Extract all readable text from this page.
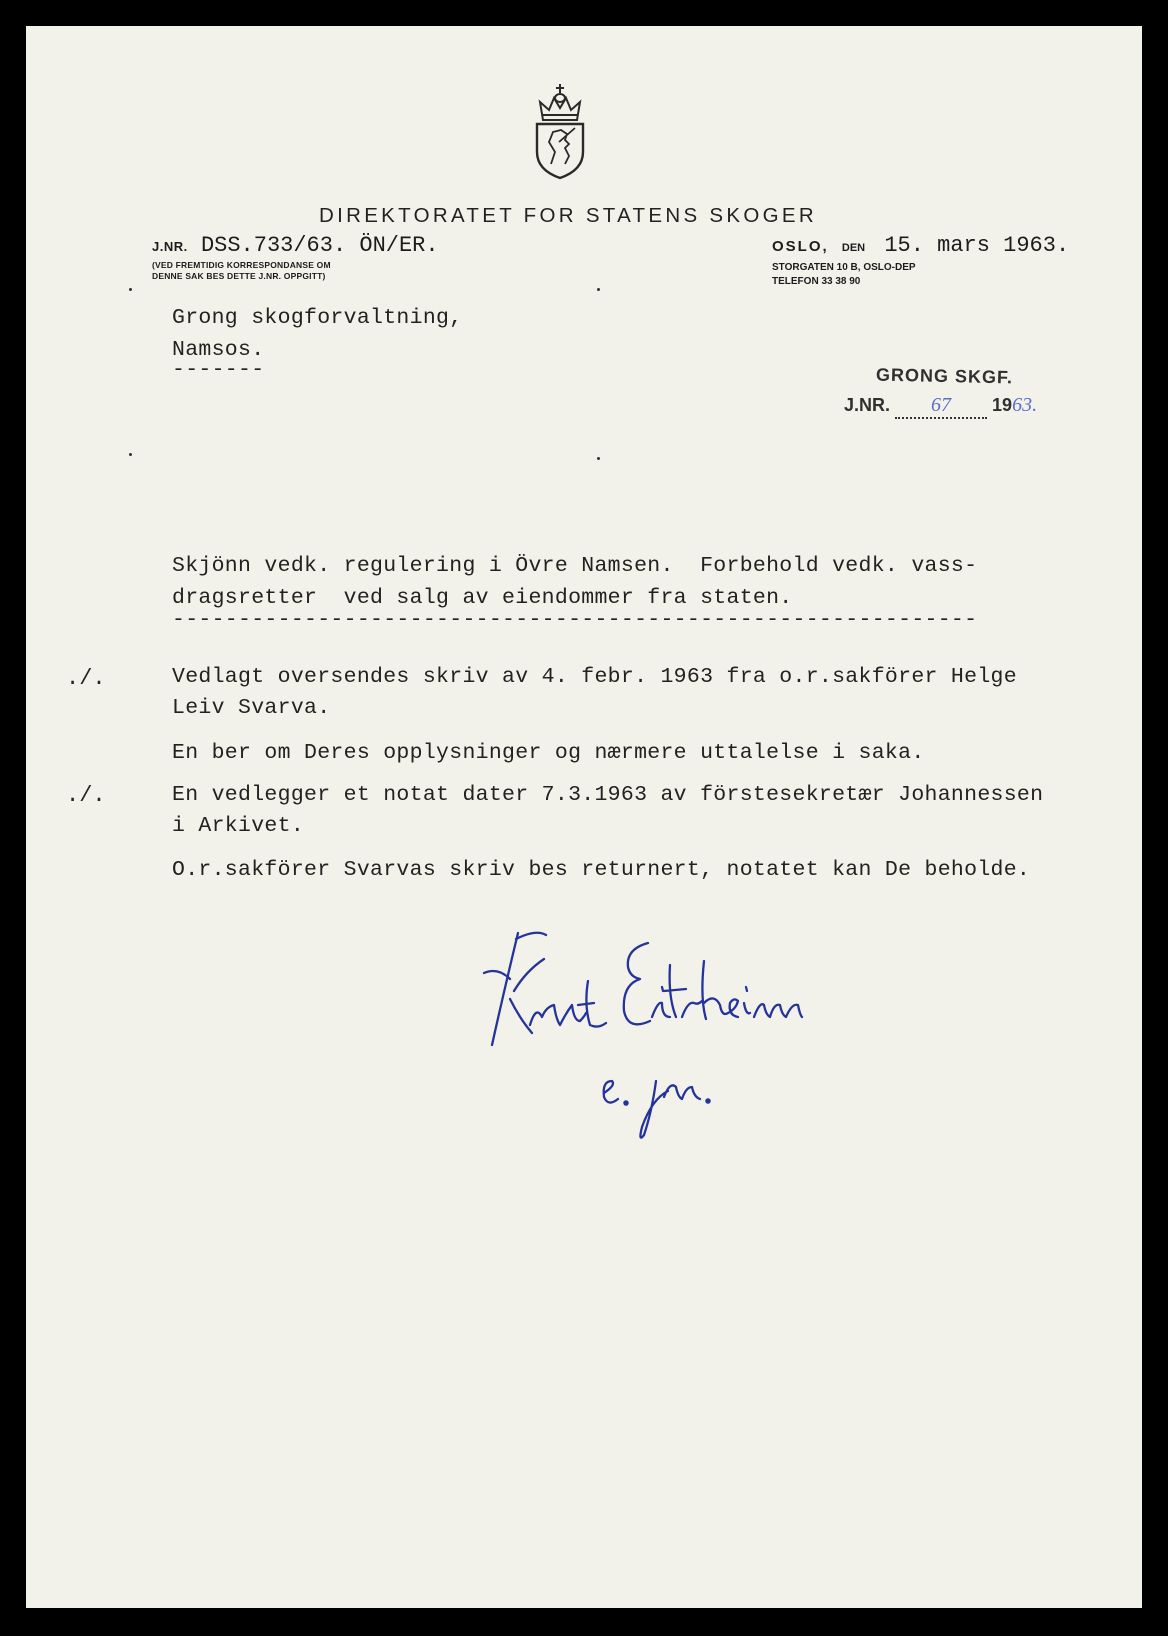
DIREKTORATET FOR STATENS SKOGER
J.NR. DSS.733/63. ÖN/ER.
(VED FREMTIDIG KORRESPONDANSE OM
DENNE SAK BES DETTE J.NR. OPPGITT)
OSLO, DEN 15. mars 1963.
STORGATEN 10 B, OSLO-DEP
TELEFON 33 38 90
Grong skogforvaltning,
Namsos.
-------	GRONG SKGF.
J.NR. 67 1963.
Skjönn vedk. regulering i Övre Namsen.  Forbehold vedk. vass-
dragsretter  ved salg av eiendommer fra staten.
-------------------------------------------------------------
./.	Vedlagt oversendes skriv av 4. febr. 1963 fra o.r.sakförer Helge
Leiv Svarva.
En ber om Deres opplysninger og nærmere uttalelse i saka.
./.	En vedlegger et notat dater 7.3.1963 av förstesekretær Johannessen
i Arkivet.
O.r.sakförer Svarvas skriv bes returnert, notatet kan De beholde.
